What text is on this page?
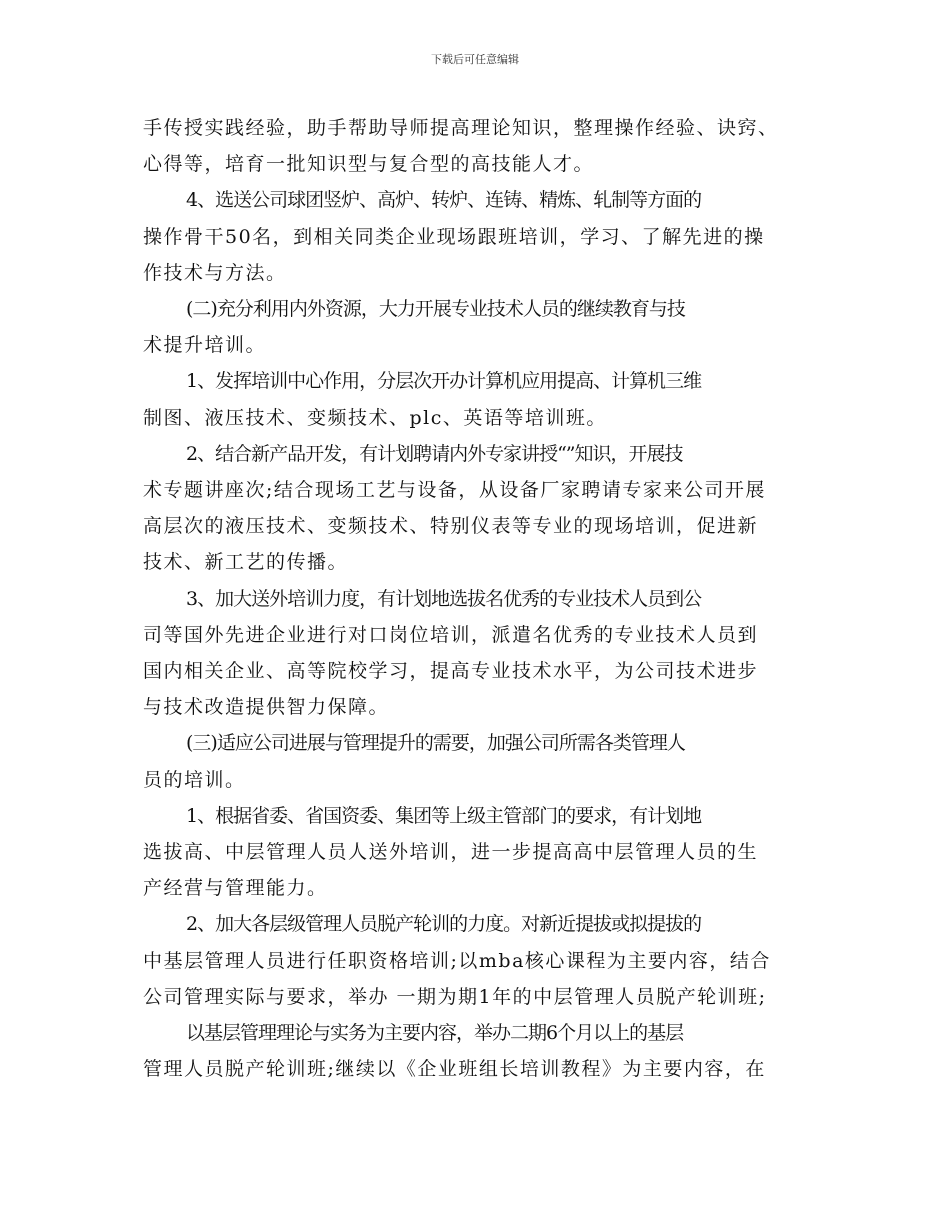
下载后可任意编辑

手传授实践经验，助手帮助导师提高理论知识，整理操作经验、诀窍、
心得等，培育一批知识型与复合型的高技能人才。

4、选送公司球团竖炉、高炉、转炉、连铸、精炼、轧制等方面的
操作骨干50名，到相关同类企业现场跟班培训，学习、了解先进的操
作技术与方法。

(二)充分利用内外资源，大力开展专业技术人员的继续教育与技
术提升培训。

1、发挥培训中心作用，分层次开办计算机应用提高、计算机三维
制图、液压技术、变频技术、plc、英语等培训班。

2、结合新产品开发，有计划聘请内外专家讲授“”知识，开展技
术专题讲座次;结合现场工艺与设备，从设备厂家聘请专家来公司开展
高层次的液压技术、变频技术、特别仪表等专业的现场培训，促进新
技术、新工艺的传播。

3、加大送外培训力度，有计划地选拔名优秀的专业技术人员到公
司等国外先进企业进行对口岗位培训，派遣名优秀的专业技术人员到
国内相关企业、高等院校学习，提高专业技术水平，为公司技术进步
与技术改造提供智力保障。

(三)适应公司进展与管理提升的需要，加强公司所需各类管理人
员的培训。

1、根据省委、省国资委、集团等上级主管部门的要求，有计划地
选拔高、中层管理人员人送外培训，进一步提高高中层管理人员的生
产经营与管理能力。

2、加大各层级管理人员脱产轮训的力度。对新近提拔或拟提拔的
中基层管理人员进行任职资格培训;以mba核心课程为主要内容，结合
公司管理实际与要求，举办 一期为期1年的中层管理人员脱产轮训班;

以基层管理理论与实务为主要内容，举办二期6个月以上的基层
管理人员脱产轮训班;继续以《企业班组长培训教程》为主要内容，在
